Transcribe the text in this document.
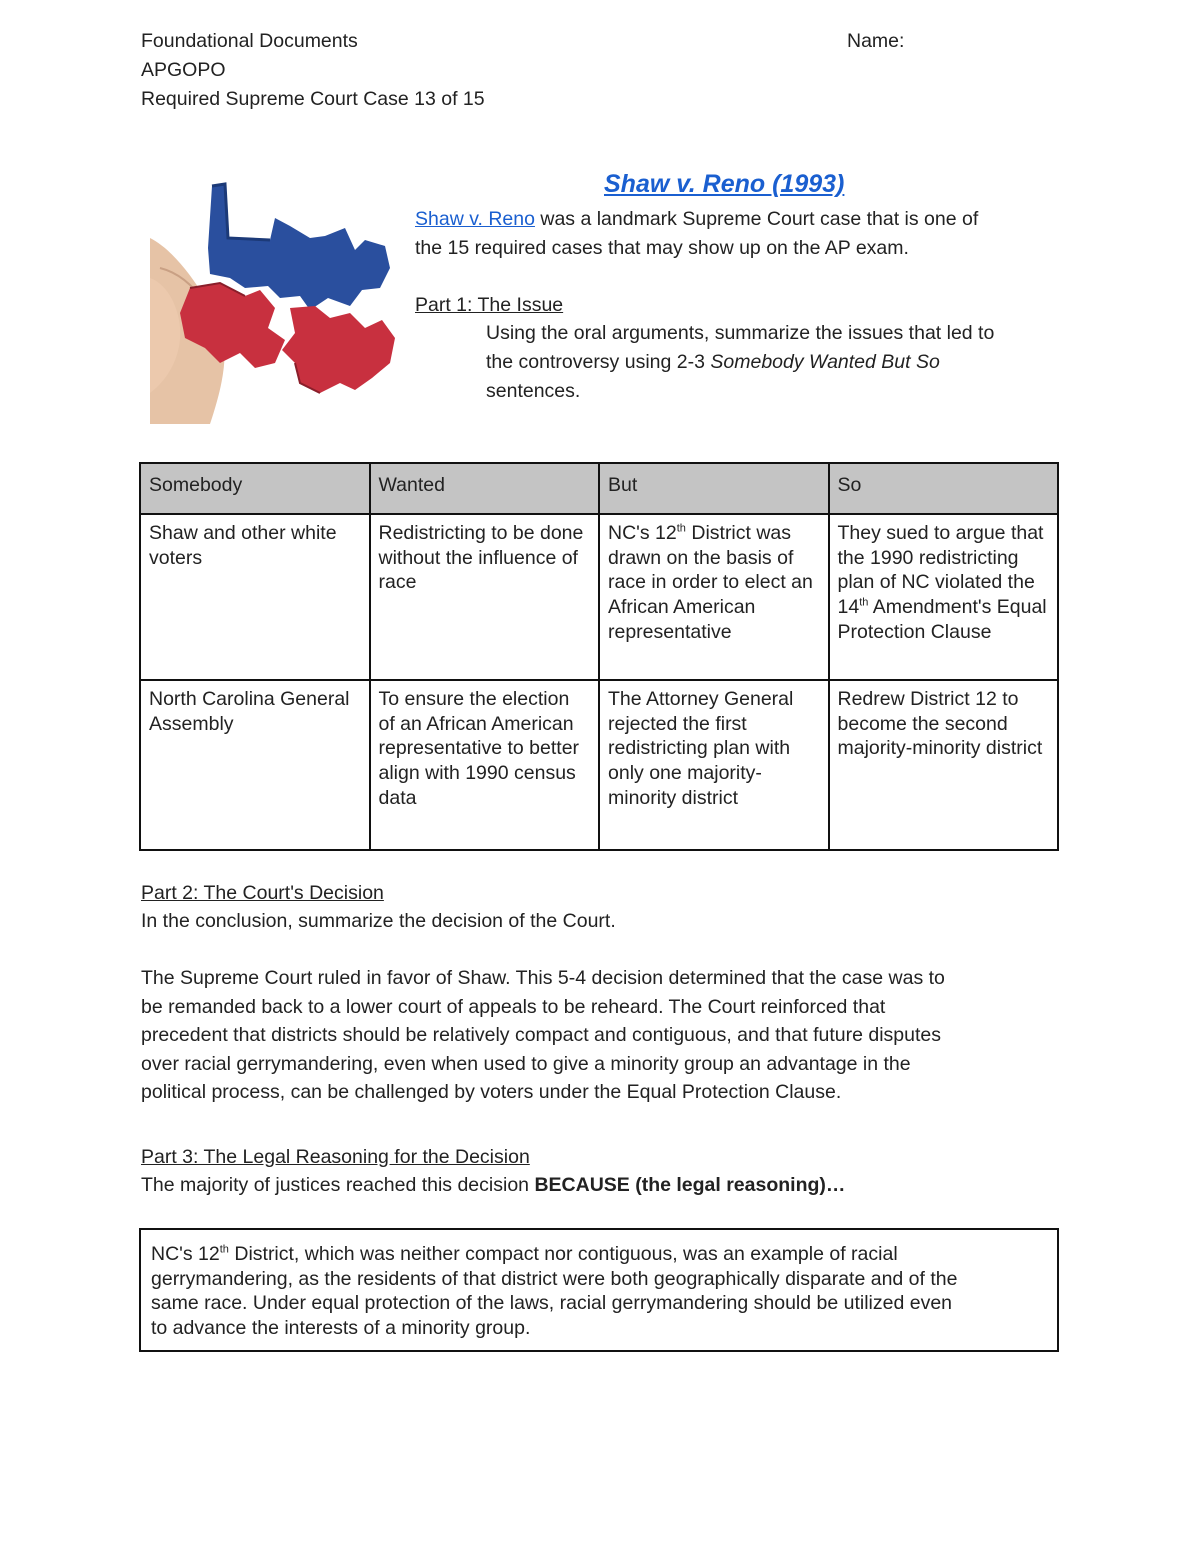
Foundational Documents	Name:
APGOPO
Required Supreme Court Case 13 of 15
Shaw v. Reno (1993)
Shaw v. Reno was a landmark Supreme Court case that is one of
the 15 required cases that may show up on the AP exam.
Part 1: The Issue
Using the oral arguments, summarize the issues that led to
the controversy using 2-3 Somebody Wanted But So
sentences.
Somebody	Wanted	But	So
Shaw and other white voters	Redistricting to be done without the influence of race	NC's 12th District was drawn on the basis of race in order to elect an African American representative	They sued to argue that the 1990 redistricting plan of NC violated the 14th Amendment's Equal Protection Clause
North Carolina General Assembly	To ensure the election of an African American representative to better align with 1990 census data	The Attorney General rejected the first redistricting plan with only one majority-minority district	Redrew District 12 to become the second majority-minority district
Part 2: The Court's Decision
In the conclusion, summarize the decision of the Court.
The Supreme Court ruled in favor of Shaw. This 5-4 decision determined that the case was to
be remanded back to a lower court of appeals to be reheard. The Court reinforced that
precedent that districts should be relatively compact and contiguous, and that future disputes
over racial gerrymandering, even when used to give a minority group an advantage in the
political process, can be challenged by voters under the Equal Protection Clause.
Part 3: The Legal Reasoning for the Decision
The majority of justices reached this decision BECAUSE (the legal reasoning)…
NC's 12th District, which was neither compact nor contiguous, was an example of racial
gerrymandering, as the residents of that district were both geographically disparate and of the
same race. Under equal protection of the laws, racial gerrymandering should be utilized even
to advance the interests of a minority group.
